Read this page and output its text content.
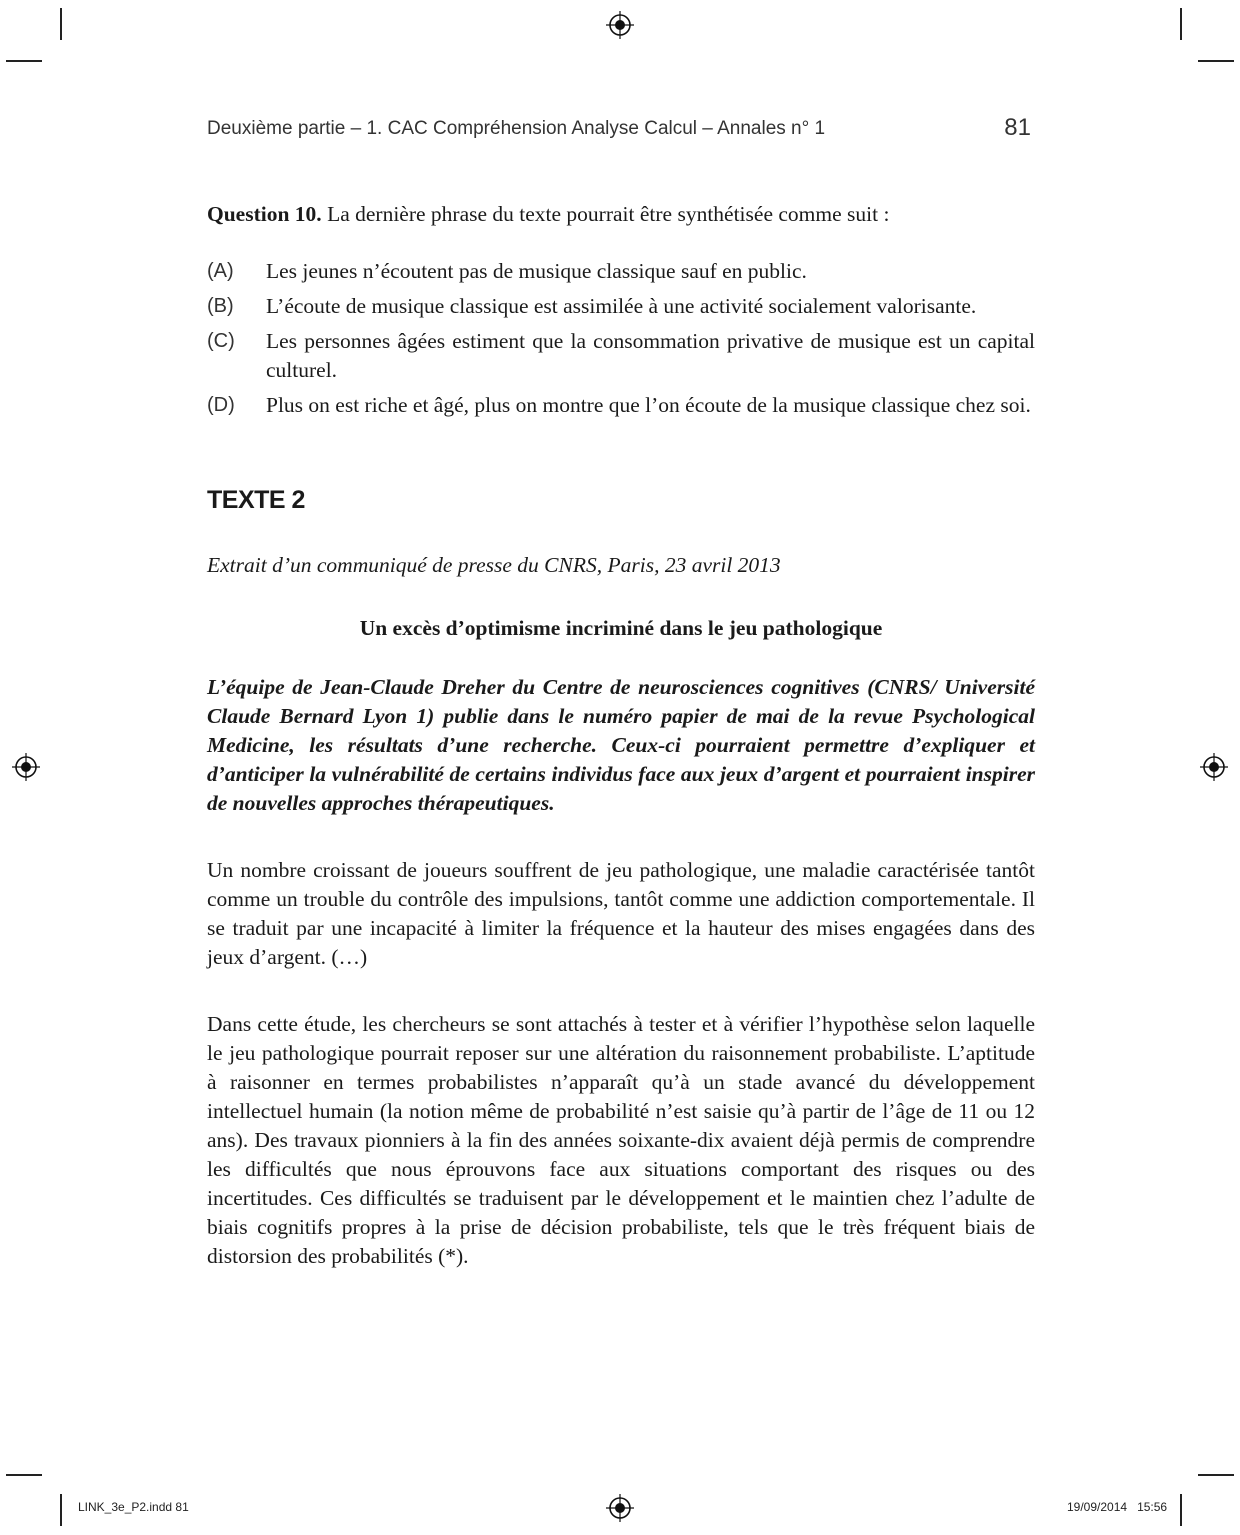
Deuxième partie – 1. CAC Compréhension Analyse Calcul – Annales n° 1	81

Question 10. La dernière phrase du texte pourrait être synthétisée comme suit :

(A)	Les jeunes n’écoutent pas de musique classique sauf en public.
(B)	L’écoute de musique classique est assimilée à une activité socialement valorisante.
(C)	Les personnes âgées estiment que la consommation privative de musique est un capital culturel.
(D)	Plus on est riche et âgé, plus on montre que l’on écoute de la musique classique chez soi.
TEXTE 2

Extrait d’un communiqué de presse du CNRS, Paris, 23 avril 2013

Un excès d’optimisme incriminé dans le jeu pathologique

L’équipe de Jean-Claude Dreher du Centre de neurosciences cognitives (CNRS/ Université Claude Bernard Lyon 1) publie dans le numéro papier de mai de la revue Psychological Medicine, les résultats d’une recherche. Ceux-ci pourraient permettre d’expliquer et d’anticiper la vulnérabilité de certains individus face aux jeux d’argent et pourraient inspirer de nouvelles approches thérapeutiques.

Un nombre croissant de joueurs souffrent de jeu pathologique, une maladie caractérisée tantôt comme un trouble du contrôle des impulsions, tantôt comme une addiction comportementale. Il se traduit par une incapacité à limiter la fréquence et la hauteur des mises engagées dans des jeux d’argent. (…)

Dans cette étude, les chercheurs se sont attachés à tester et à vérifier l’hypothèse selon laquelle le jeu pathologique pourrait reposer sur une altération du raisonnement probabiliste. L’aptitude à raisonner en termes probabilistes n’apparaît qu’à un stade avancé du développement intellectuel humain (la notion même de probabilité n’est saisie qu’à partir de l’âge de 11 ou 12 ans). Des travaux pionniers à la fin des années soixante-dix avaient déjà permis de comprendre les difficultés que nous éprouvons face aux situations comportant des risques ou des incertitudes. Ces difficultés se traduisent par le développement et le maintien chez l’adulte de biais cognitifs propres à la prise de décision probabiliste, tels que le très fréquent biais de distorsion des probabilités (*).

LINK_3e_P2.indd 81	19/09/2014 15:56
